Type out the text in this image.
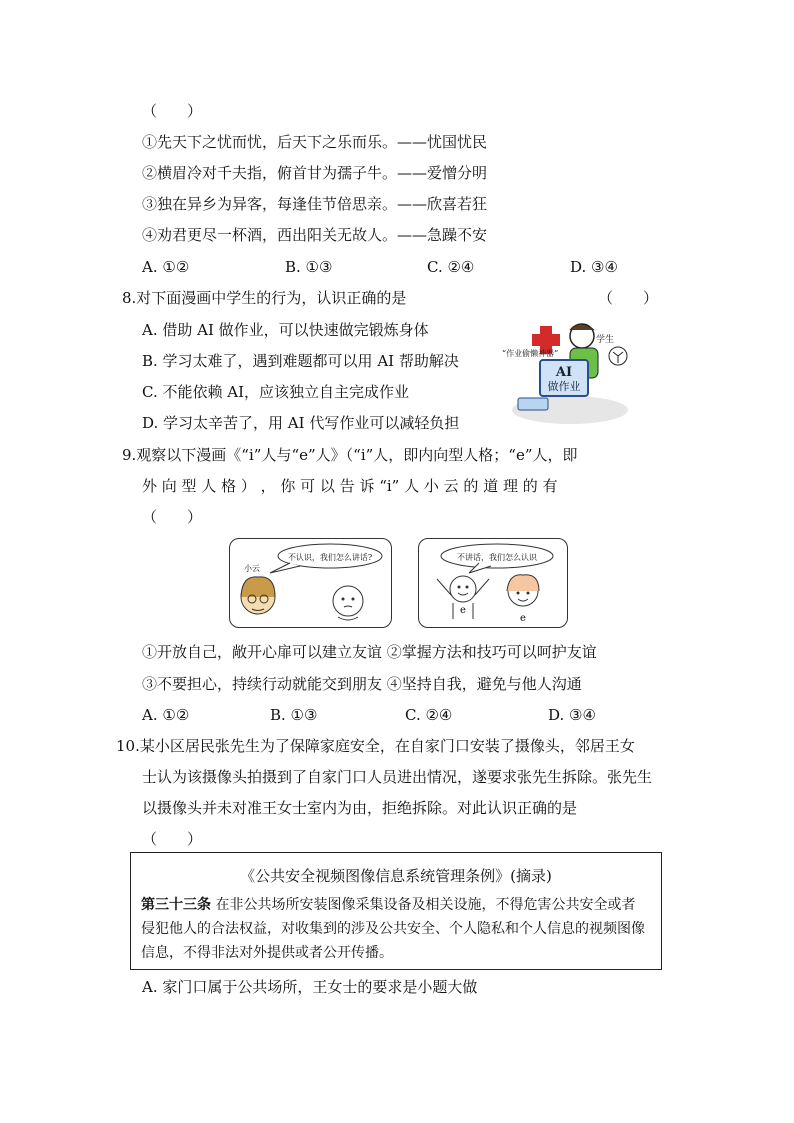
（　　）
①先天下之忧而忧，后天下之乐而乐。——忧国忧民
②横眉冷对千夫指，俯首甘为孺子牛。——爱憎分明
③独在异乡为异客，每逢佳节倍思亲。——欣喜若狂
④劝君更尽一杯酒，西出阳关无故人。——急躁不安
A. ①②	B. ①③	C. ②④	D. ③④
8.对下面漫画中学生的行为，认识正确的是	（　　）
A. 借助 AI 做作业，可以快速做完锻炼身体
B. 学习太难了，遇到难题都可以用 AI 帮助解决
C. 不能依赖 AI，应该独立自主完成作业
D. 学习太辛苦了，用 AI 代写作业可以减轻负担
AI
做作业
“作业偷懒神器”
学生
9.观察以下漫画《“i”人与“e”人》（“i”人，即内向型人格；“e”人，即
外 向 型 人 格 ） ， 你 可 以 告 诉 “i” 人 小 云 的 道 理 的 有
（　　）
不认识，我们怎么讲话?
小云
不讲话，我们怎么认识
e
e
①开放自己，敞开心扉可以建立友谊 ②掌握方法和技巧可以呵护友谊
③不要担心，持续行动就能交到朋友 ④坚持自我，避免与他人沟通
A. ①②	B. ①③	C. ②④	D. ③④
10.某小区居民张先生为了保障家庭安全，在自家门口安装了摄像头，邻居王女
士认为该摄像头拍摄到了自家门口人员进出情况，遂要求张先生拆除。张先生
以摄像头并未对准王女士室内为由，拒绝拆除。对此认识正确的是
（　　）
《公共安全视频图像信息系统管理条例》(摘录)
第三十三条 在非公共场所安装图像采集设备及相关设施，不得危害公共安全或者侵犯他人的合法权益，对收集到的涉及公共安全、个人隐私和个人信息的视频图像信息，不得非法对外提供或者公开传播。
A. 家门口属于公共场所，王女士的要求是小题大做
